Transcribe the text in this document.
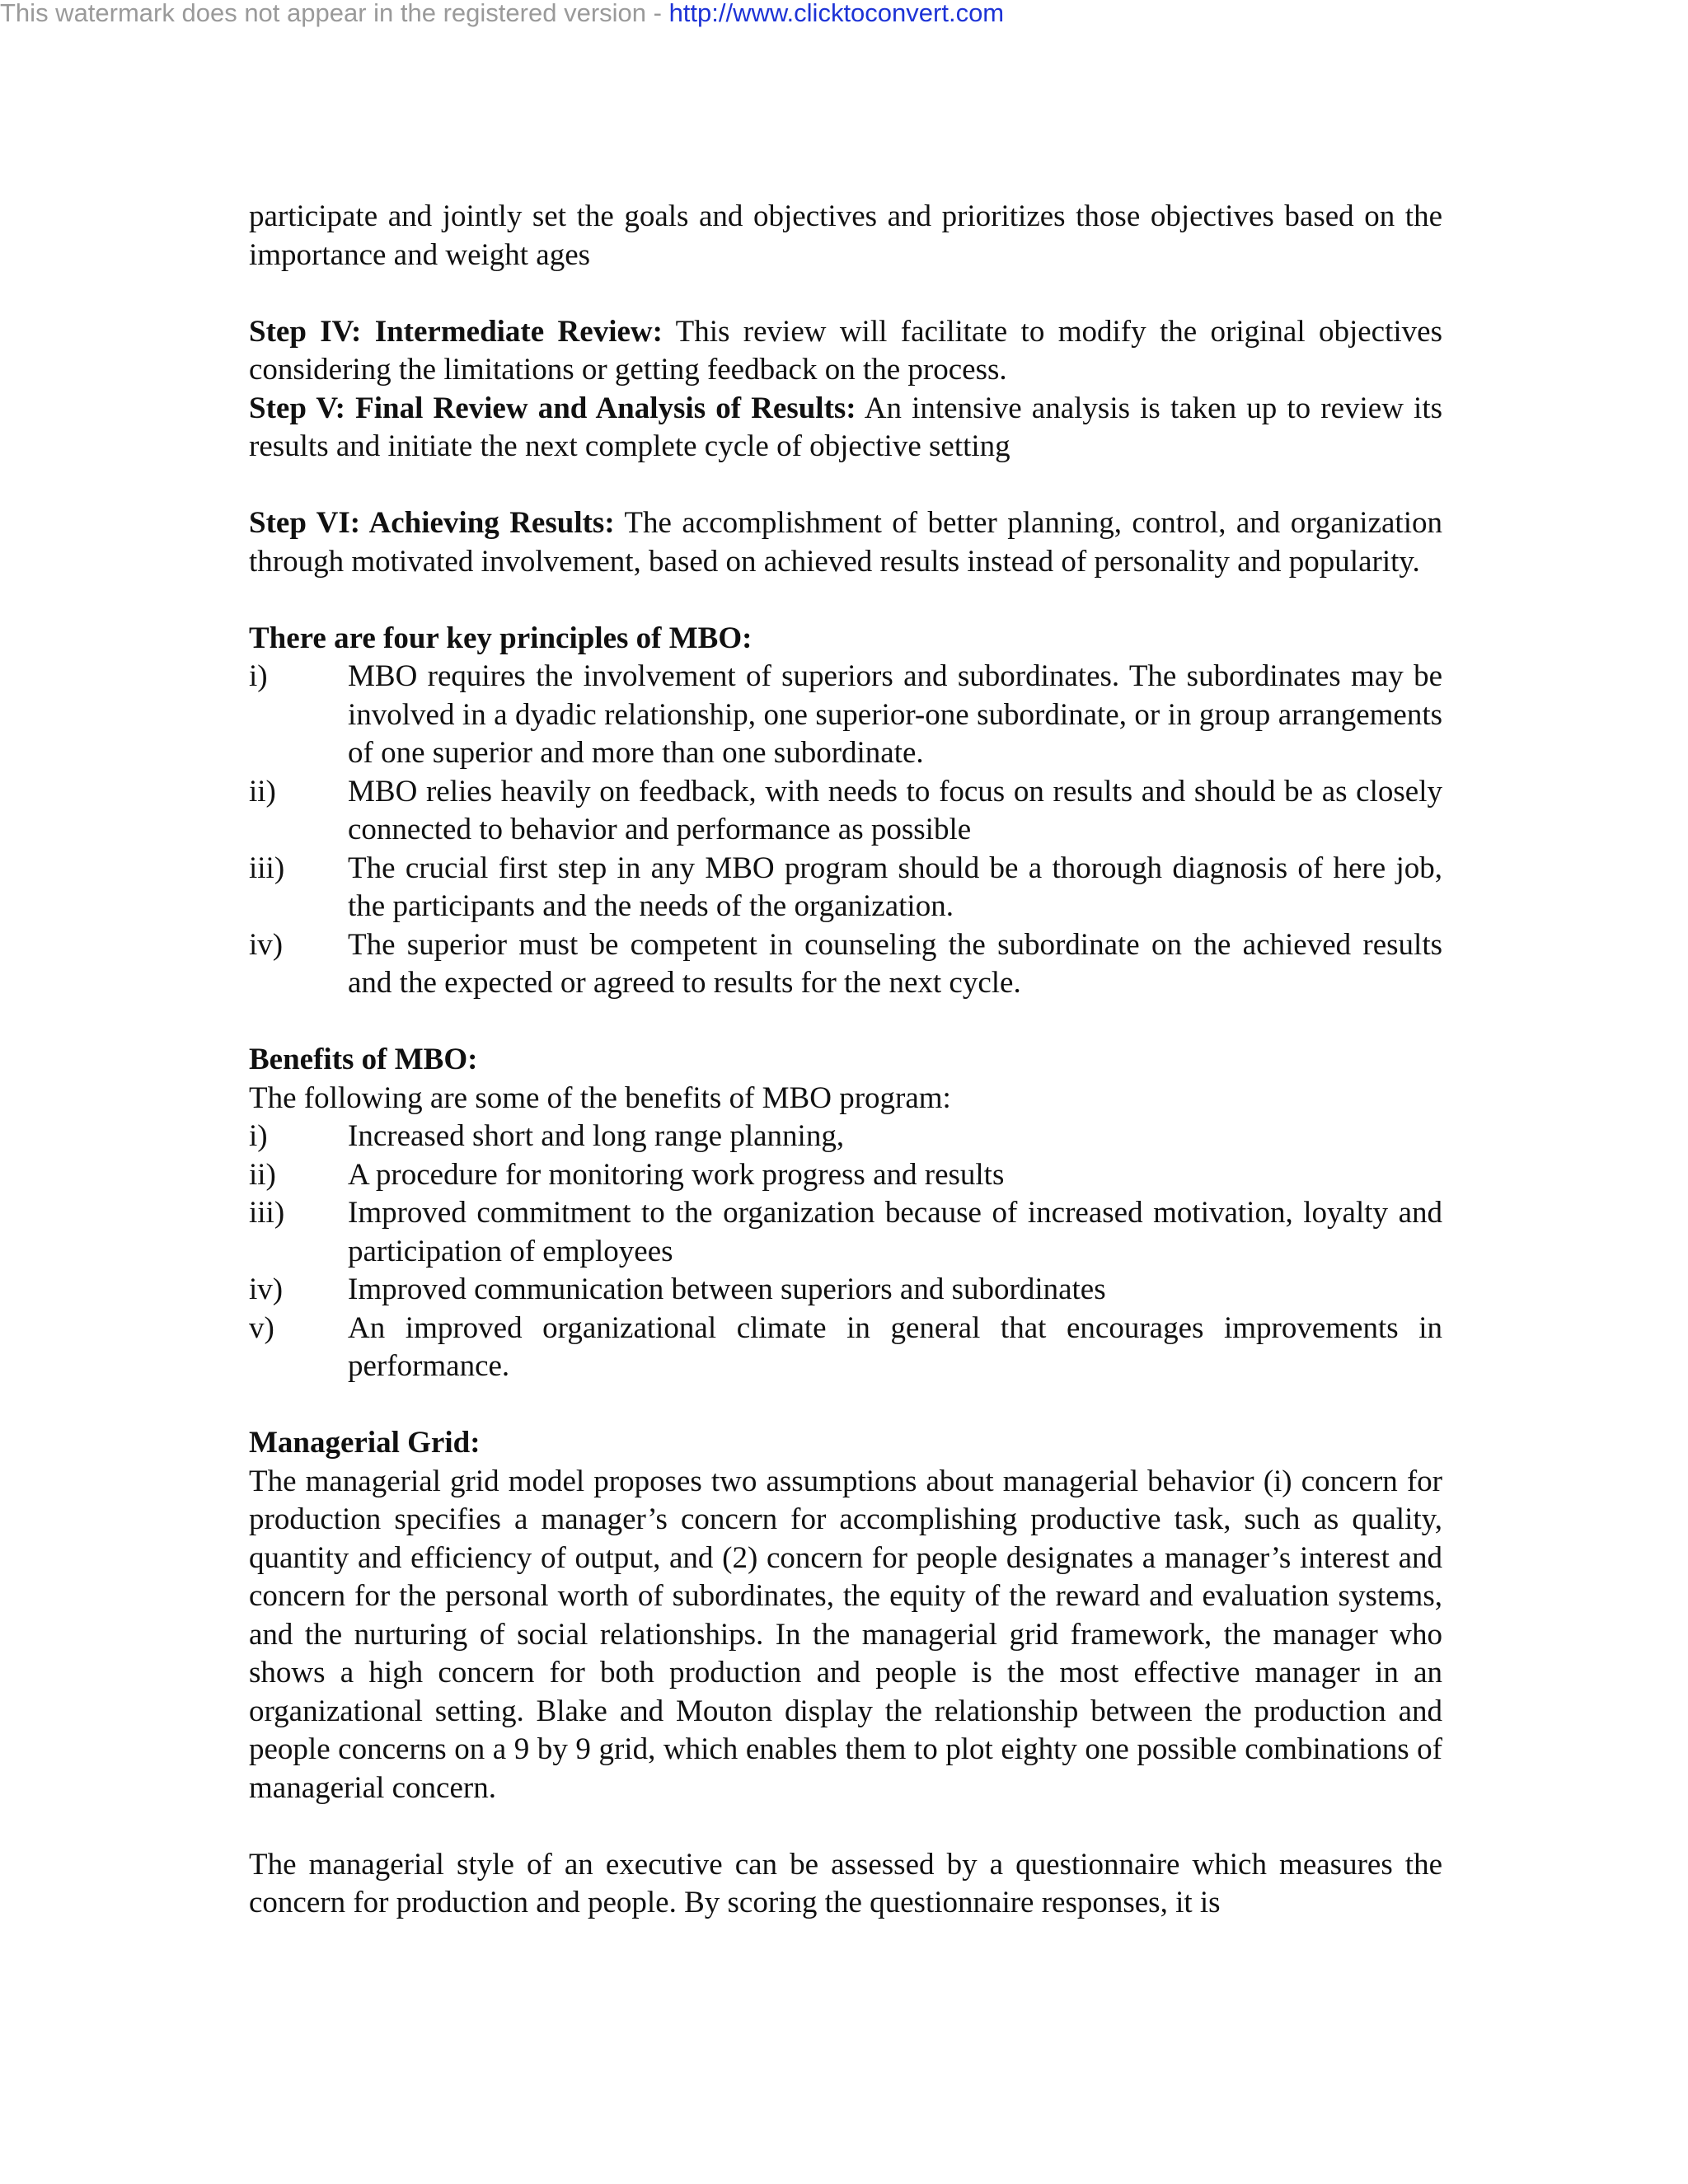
This watermark does not appear in the registered version - http://www.clicktoconvert.com

participate and jointly set the goals and objectives and prioritizes those objectives based on the importance and weight ages

Step IV: Intermediate Review: This review will facilitate to modify the original objectives considering the limitations or getting feedback on the process.

Step V: Final Review and Analysis of Results: An intensive analysis is taken up to review its results and initiate the next complete cycle of objective setting

Step VI: Achieving Results: The accomplishment of better planning, control, and organization through motivated involvement, based on achieved results instead of personality and popularity.

There are four key principles of MBO:

i)	MBO requires the involvement of superiors and subordinates. The subordinates may be involved in a dyadic relationship, one superior-one subordinate, or in group arrangements of one superior and more than one subordinate.
ii) MBO relies heavily on feedback, with needs to focus on results and should be as closely connected to behavior and performance as possible
iii) The crucial first step in any MBO program should be a thorough diagnosis of here job, the participants and the needs of the organization.
iv) The superior must be competent in counseling the subordinate on the achieved results and the expected or agreed to results for the next cycle.

Benefits of MBO:

The following are some of the benefits of MBO program:

i)	Increased short and long range planning,
ii) A procedure for monitoring work progress and results
iii) Improved commitment to the organization because of increased motivation, loyalty and participation of employees
iv) Improved communication between superiors and subordinates
v) An improved organizational climate in general that encourages improvements in performance.

Managerial Grid:

The managerial grid model proposes two assumptions about managerial behavior (i) concern for production specifies a manager’s concern for accomplishing productive task, such as quality, quantity and efficiency of output, and (2) concern for people designates a manager’s interest and concern for the personal worth of subordinates, the equity of the reward and evaluation systems, and the nurturing of social relationships. In the managerial grid framework, the manager who shows a high concern for both production and people is the most effective manager in an organizational setting. Blake and Mouton display the relationship between the production and people concerns on a 9 by 9 grid, which enables them to plot eighty one possible combinations of managerial concern.

The managerial style of an executive can be assessed by a questionnaire which measures the concern for production and people. By scoring the questionnaire responses, it is
